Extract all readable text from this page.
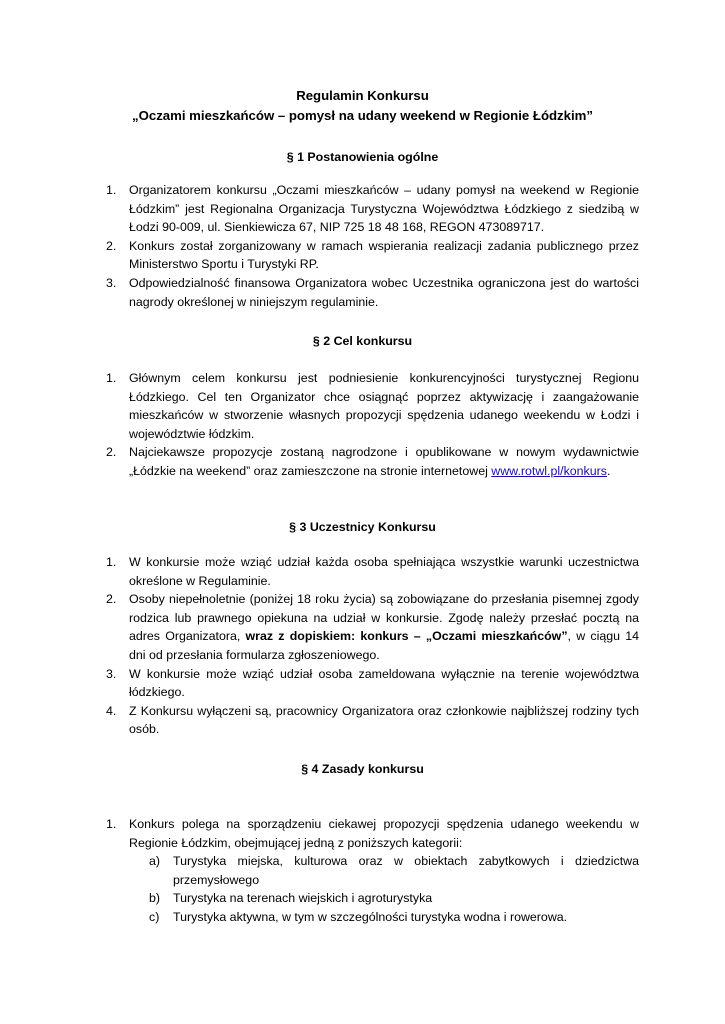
Regulamin Konkursu
„Oczami mieszkańców – pomysł na udany weekend w Regionie Łódzkim”
§ 1 Postanowienia ogólne
1. Organizatorem konkursu „Oczami mieszkańców – udany pomysł na weekend w Regionie Łódzkim” jest Regionalna Organizacja Turystyczna Województwa Łódzkiego z siedzibą w Łodzi 90-009, ul. Sienkiewicza 67, NIP 725 18 48 168, REGON 473089717.
2. Konkurs został zorganizowany w ramach wspierania realizacji zadania publicznego przez Ministerstwo Sportu i Turystyki RP.
3. Odpowiedzialność finansowa Organizatora wobec Uczestnika ograniczona jest do wartości nagrody określonej w niniejszym regulaminie.
§ 2 Cel konkursu
1. Głównym celem konkursu jest podniesienie konkurencyjności turystycznej Regionu Łódzkiego. Cel ten Organizator chce osiągnąć poprzez aktywizację i zaangażowanie mieszkańców w stworzenie własnych propozycji spędzenia udanego weekendu w Łodzi i województwie łódzkim.
2. Najciekawsze propozycje zostaną nagrodzone i opublikowane w nowym wydawnictwie „Łódzkie na weekend” oraz zamieszczone na stronie internetowej www.rotwl.pl/konkurs.
§ 3 Uczestnicy Konkursu
1. W konkursie może wziąć udział każda osoba spełniająca wszystkie warunki uczestnictwa określone w Regulaminie.
2. Osoby niepełnoletnie (poniżej 18 roku życia) są zobowiązane do przesłania pisemnej zgody rodzica lub prawnego opiekuna na udział w konkursie. Zgodę należy przesłać pocztą na adres Organizatora, wraz z dopiskiem: konkurs – „Oczami mieszkańców”, w ciągu 14 dni od przesłania formularza zgłoszeniowego.
3. W konkursie może wziąć udział osoba zameldowana wyłącznie na terenie województwa łódzkiego.
4. Z Konkursu wyłączeni są, pracownicy Organizatora oraz członkowie najbliższej rodziny tych osób.
§ 4 Zasady konkursu
1. Konkurs polega na sporządzeniu ciekawej propozycji spędzenia udanego weekendu w Regionie Łódzkim, obejmującej jedną z poniższych kategorii:
a) Turystyka miejska, kulturowa oraz w obiektach zabytkowych i dziedzictwa przemysłowego
b) Turystyka na terenach wiejskich i agroturystyka
c) Turystyka aktywna, w tym w szczególności turystyka wodna i rowerowa.
